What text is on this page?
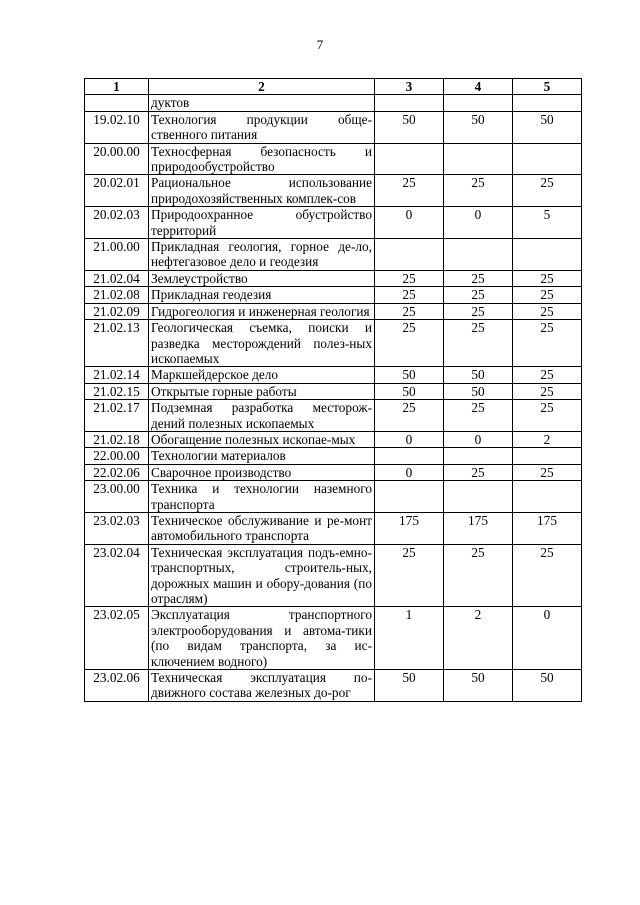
7
1	2	3	4	5
	дуктов			
19.02.10	Технология продукции обще-ственного питания	50	50	50
20.00.00	Техносферная безопасность и природообустройство			
20.02.01	Рациональное использование природохозяйственных комплек-сов	25	25	25
20.02.03	Природоохранное обустройство территорий	0	0	5
21.00.00	Прикладная геология, горное де-ло, нефтегазовое дело и геодезия			
21.02.04	Землеустройство	25	25	25
21.02.08	Прикладная геодезия	25	25	25
21.02.09	Гидрогеология и инженерная геология	25	25	25
21.02.13	Геологическая съемка, поиски и разведка месторождений полез-ных ископаемых	25	25	25
21.02.14	Маркшейдерское дело	50	50	25
21.02.15	Открытые горные работы	50	50	25
21.02.17	Подземная разработка месторож-дений полезных ископаемых	25	25	25
21.02.18	Обогащение полезных ископае-мых	0	0	2
22.00.00	Технологии материалов			
22.02.06	Сварочное производство	0	25	25
23.00.00	Техника и технологии наземного транспорта			
23.02.03	Техническое обслуживание и ре-монт автомобильного транспорта	175	175	175
23.02.04	Техническая эксплуатация подъ-емно-транспортных, строитель-ных, дорожных машин и обору-дования (по отраслям)	25	25	25
23.02.05	Эксплуатация транспортного электрооборудования и автома-тики (по видам транспорта, за ис-ключением водного)	1	2	0
23.02.06	Техническая эксплуатация по-движного состава железных до-рог	50	50	50
